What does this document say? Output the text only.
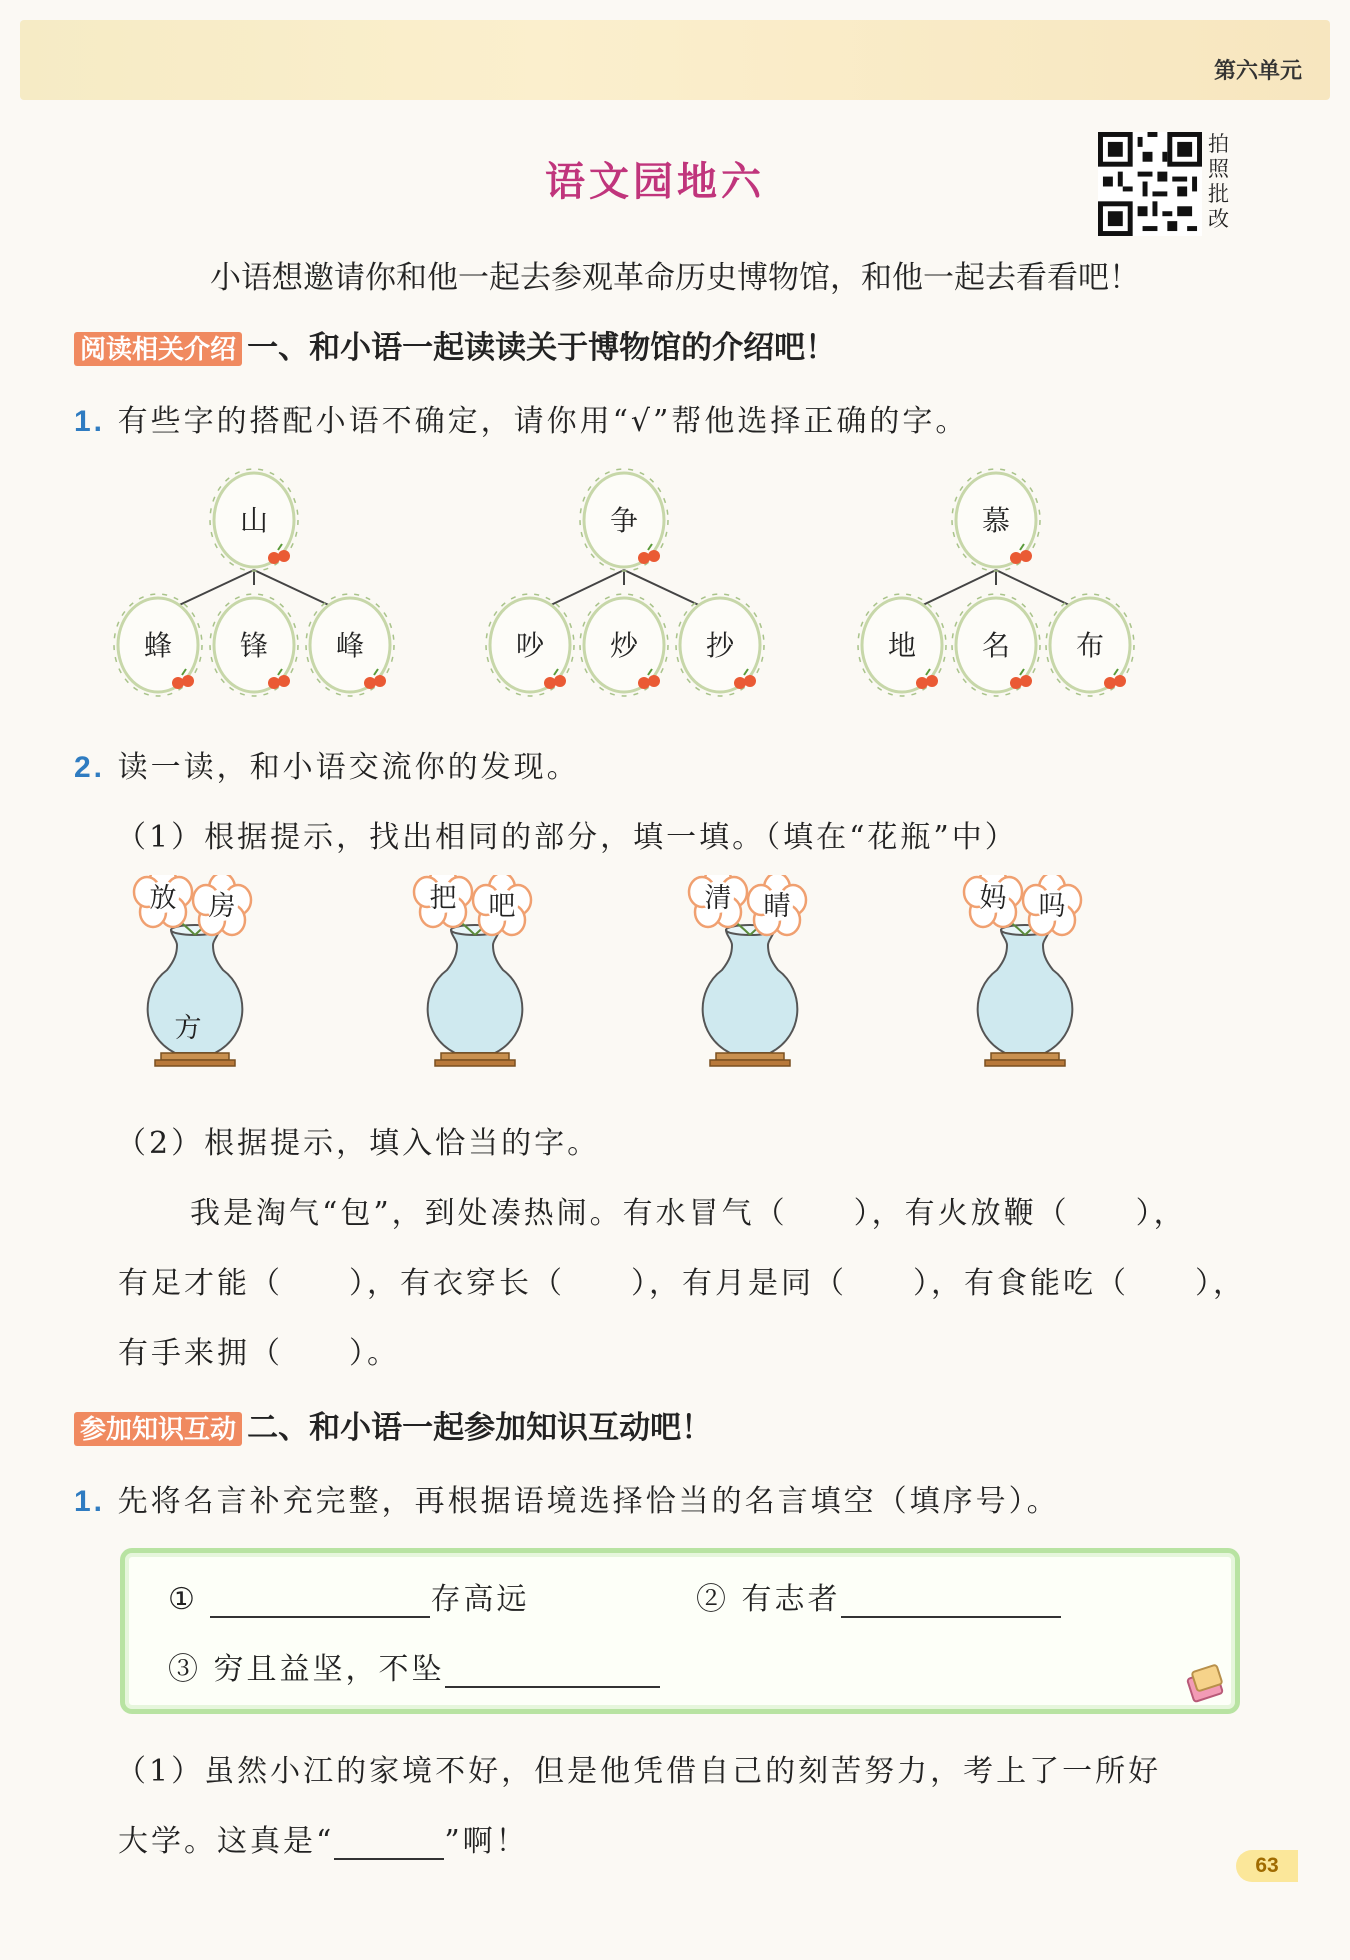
第六单元
语文园地六
拍照批改
小语想邀请你和他一起去参观革命历史博物馆，和他一起去看看吧！
阅读相关介绍 一、和小语一起读读关于博物馆的介绍吧！
1. 有些字的搭配小语不确定，请你用“√”帮他选择正确的字。
山
蜂 锋 峰
争
吵 炒 抄
慕
地 名 布
2. 读一读，和小语交流你的发现。
（1）根据提示，找出相同的部分，填一填。（填在“花瓶”中）
放 房
方
把 吧	清 晴	妈 吗
（2）根据提示，填入恰当的字。
我是淘气“包”，到处凑热闹。有水冒气（　　），有火放鞭（　　），
有足才能（　　），有衣穿长（　　），有月是同（　　），有食能吃（　　），
有手来拥（　　）。
参加知识互动 二、和小语一起参加知识互动吧！
1. 先将名言补充完整，再根据语境选择恰当的名言填空（填序号）。
①	存高远	② 有志者
③ 穷且益坚，不坠
（1）虽然小江的家境不好，但是他凭借自己的刻苦努力，考上了一所好
大学。这真是“	”啊！
63
